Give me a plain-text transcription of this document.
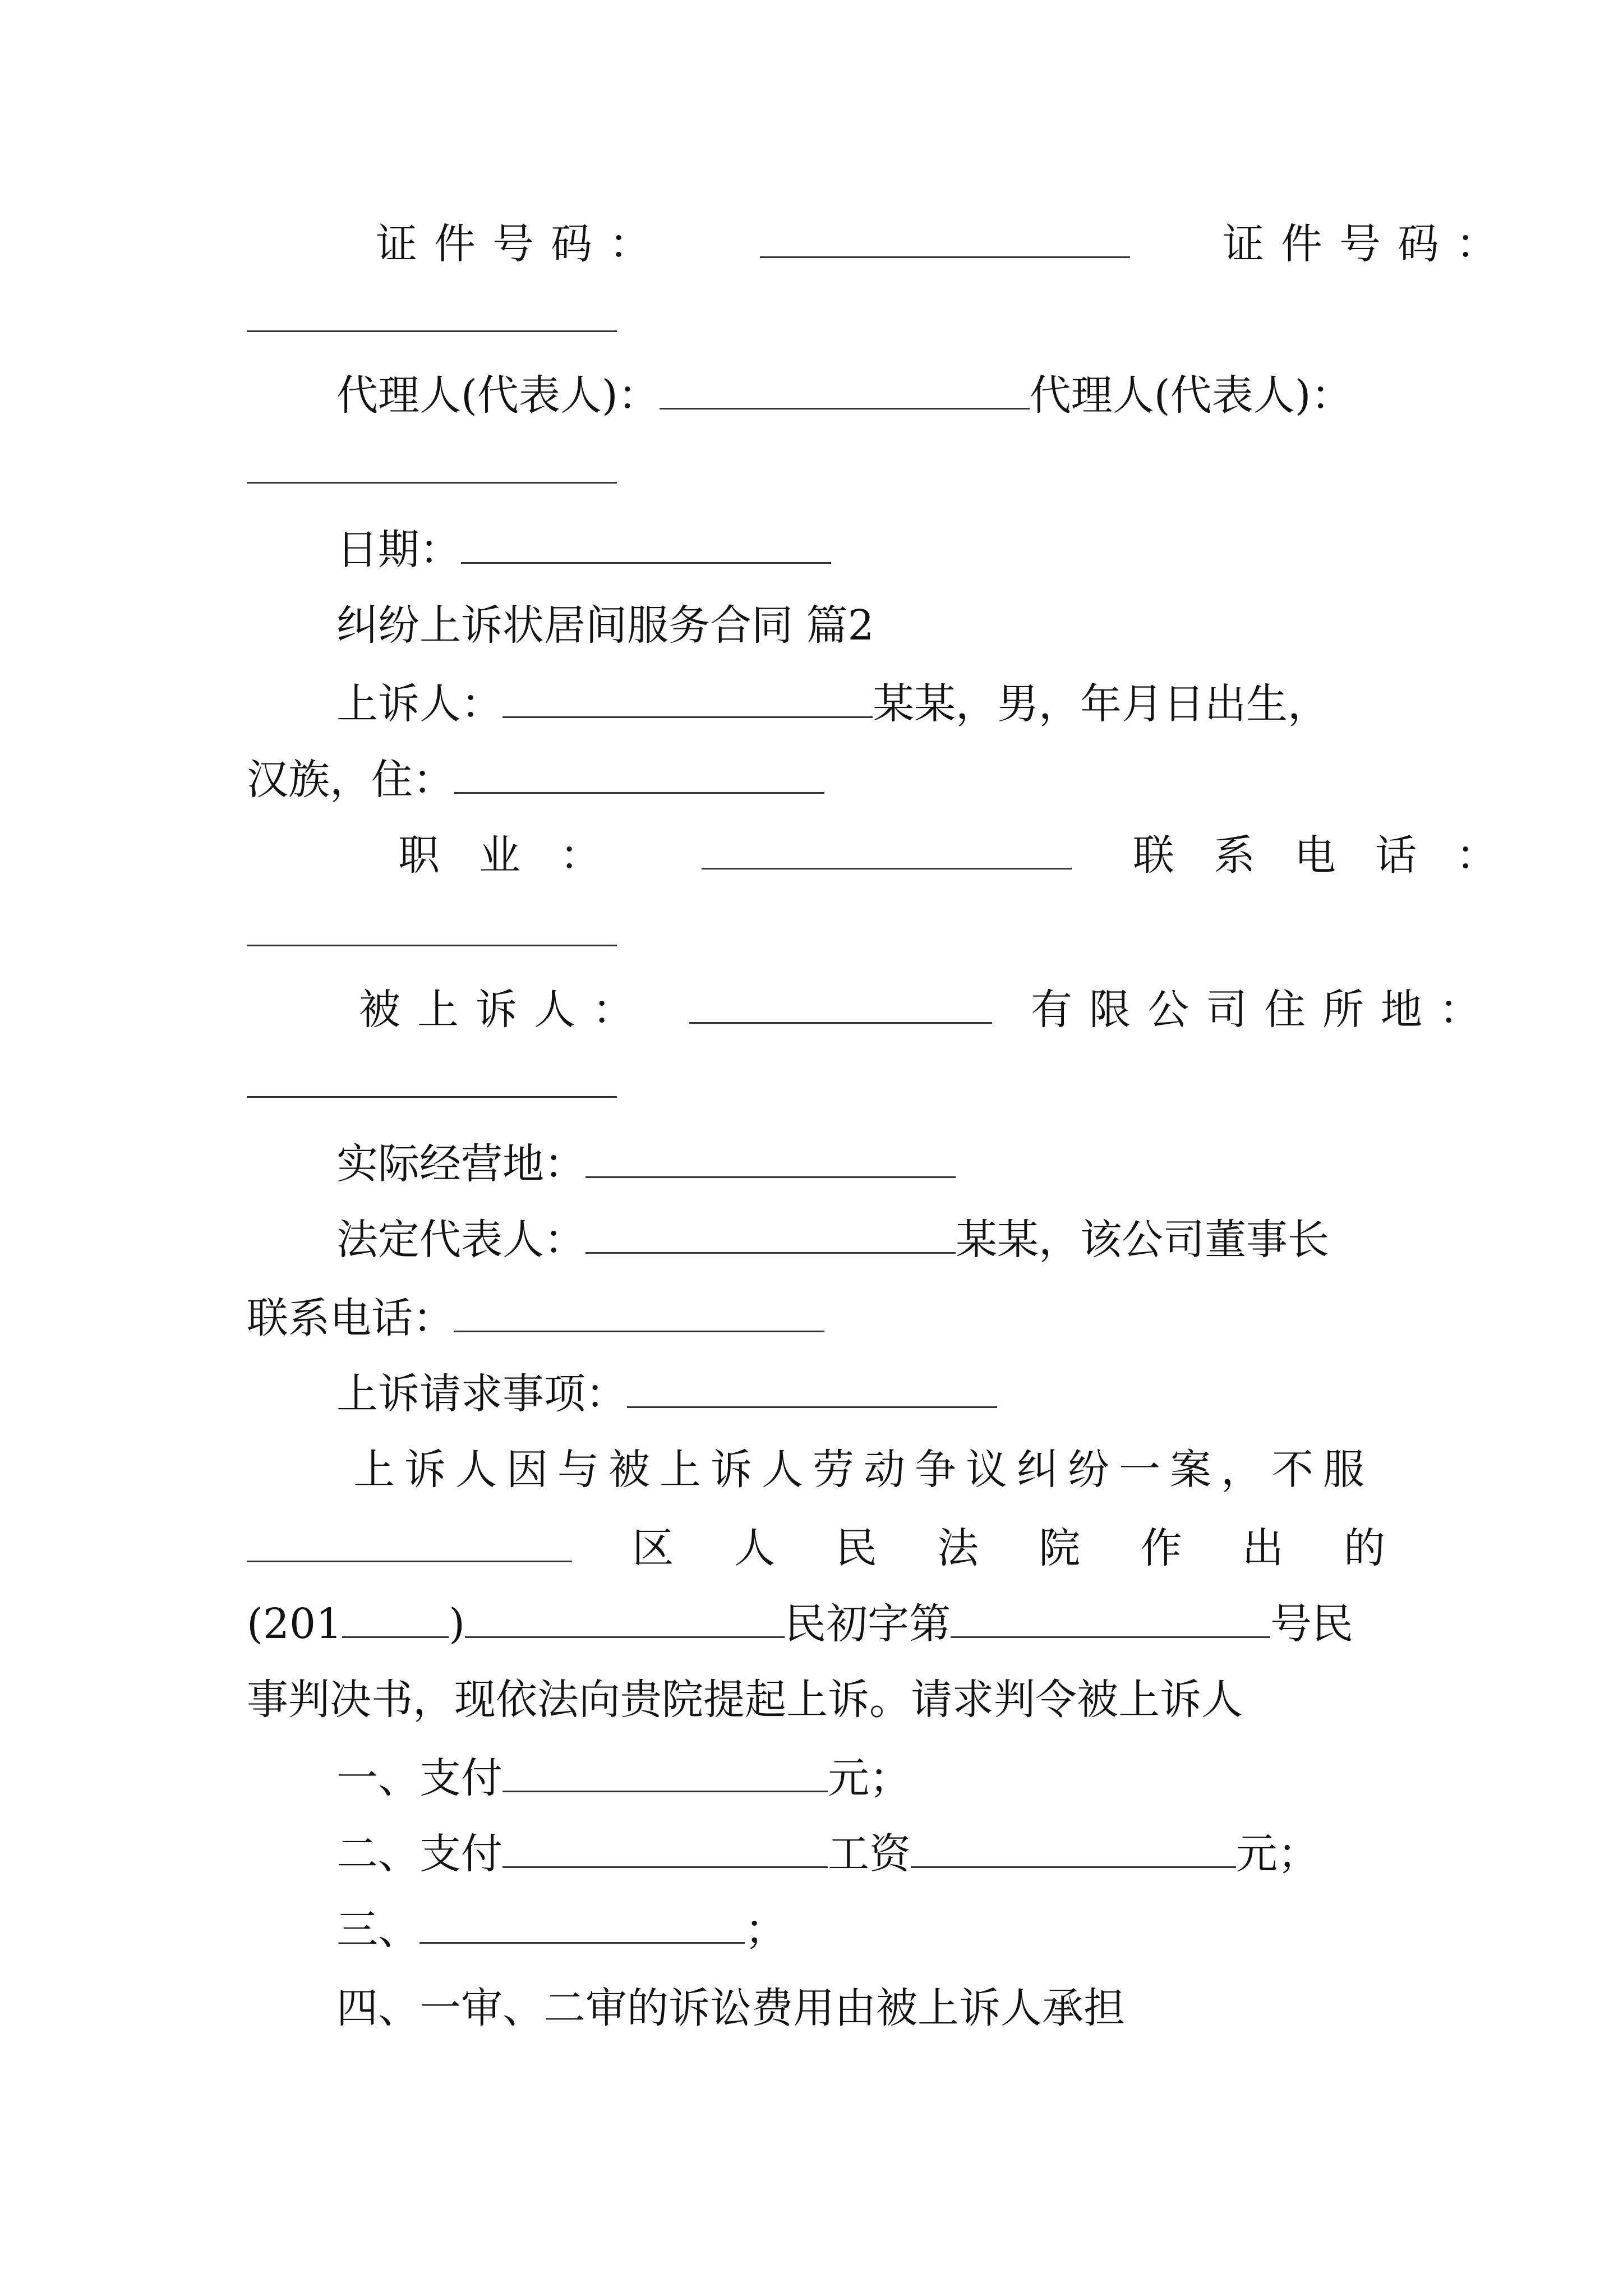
证件号码：	证件号码：
代理人(代表人)：	代理人(代表人)：
日期：
纠纷上诉状居间服务合同 篇2
上诉人：	某某，男，年月日出生，
汉族，住：
职业：	联系电话：
被上诉人：	有限公司住所地：
实际经营地：
法定代表人：	某某，该公司董事长
联系电话：
上诉请求事项：
上诉人因与被上诉人劳动争议纠纷一案，不服
区 人 民 法 院 作 出 的
(201	)	民初字第	号民
事判决书，现依法向贵院提起上诉。请求判令被上诉人
一、支付	元；
二、支付	工资	元；
三、	；
四、一审、二审的诉讼费用由被上诉人承担
